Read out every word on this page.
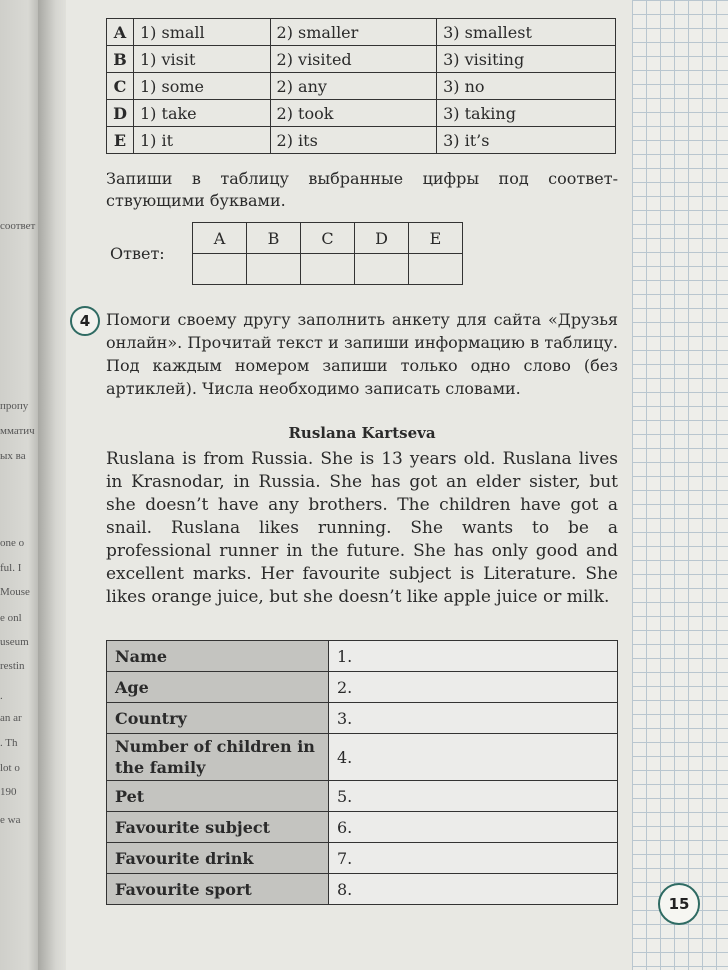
соответ
пропу
мматич
ых ва
one o
ful. I
Mouse
e onl
useum
restin
.
an ar
. Th
lot o
190
e wa
A	1) small	2) smaller	3) smallest
B	1) visit	2) visited	3) visiting
C	1) some	2) any	3) no
D	1) take	2) took	3) taking
E	1) it	2) its	3) it’s
Запиши в таблицу выбранные цифры под соответствующими буквами.
Ответ:
A	B	C	D	E

4 Помоги своему другу заполнить анкету для сайта «Друзья онлайн». Прочитай текст и запиши информацию в таблицу. Под каждым номером запиши только одно слово (без артиклей). Числа необходимо записать словами.
Ruslana Kartseva
Ruslana is from Russia. She is 13 years old. Ruslana lives in Krasnodar, in Russia. She has got an elder sister, but she doesn’t have any brothers. The children have got a snail. Ruslana likes running. She wants to be a professional runner in the future. She has only good and excellent marks. Her favourite subject is Literature. She likes orange juice, but she doesn’t like apple juice or milk.
Name	1.
Age	2.
Country	3.
Number of children in the family	4.
Pet	5.
Favourite subject	6.
Favourite drink	7.
Favourite sport	8.
15
